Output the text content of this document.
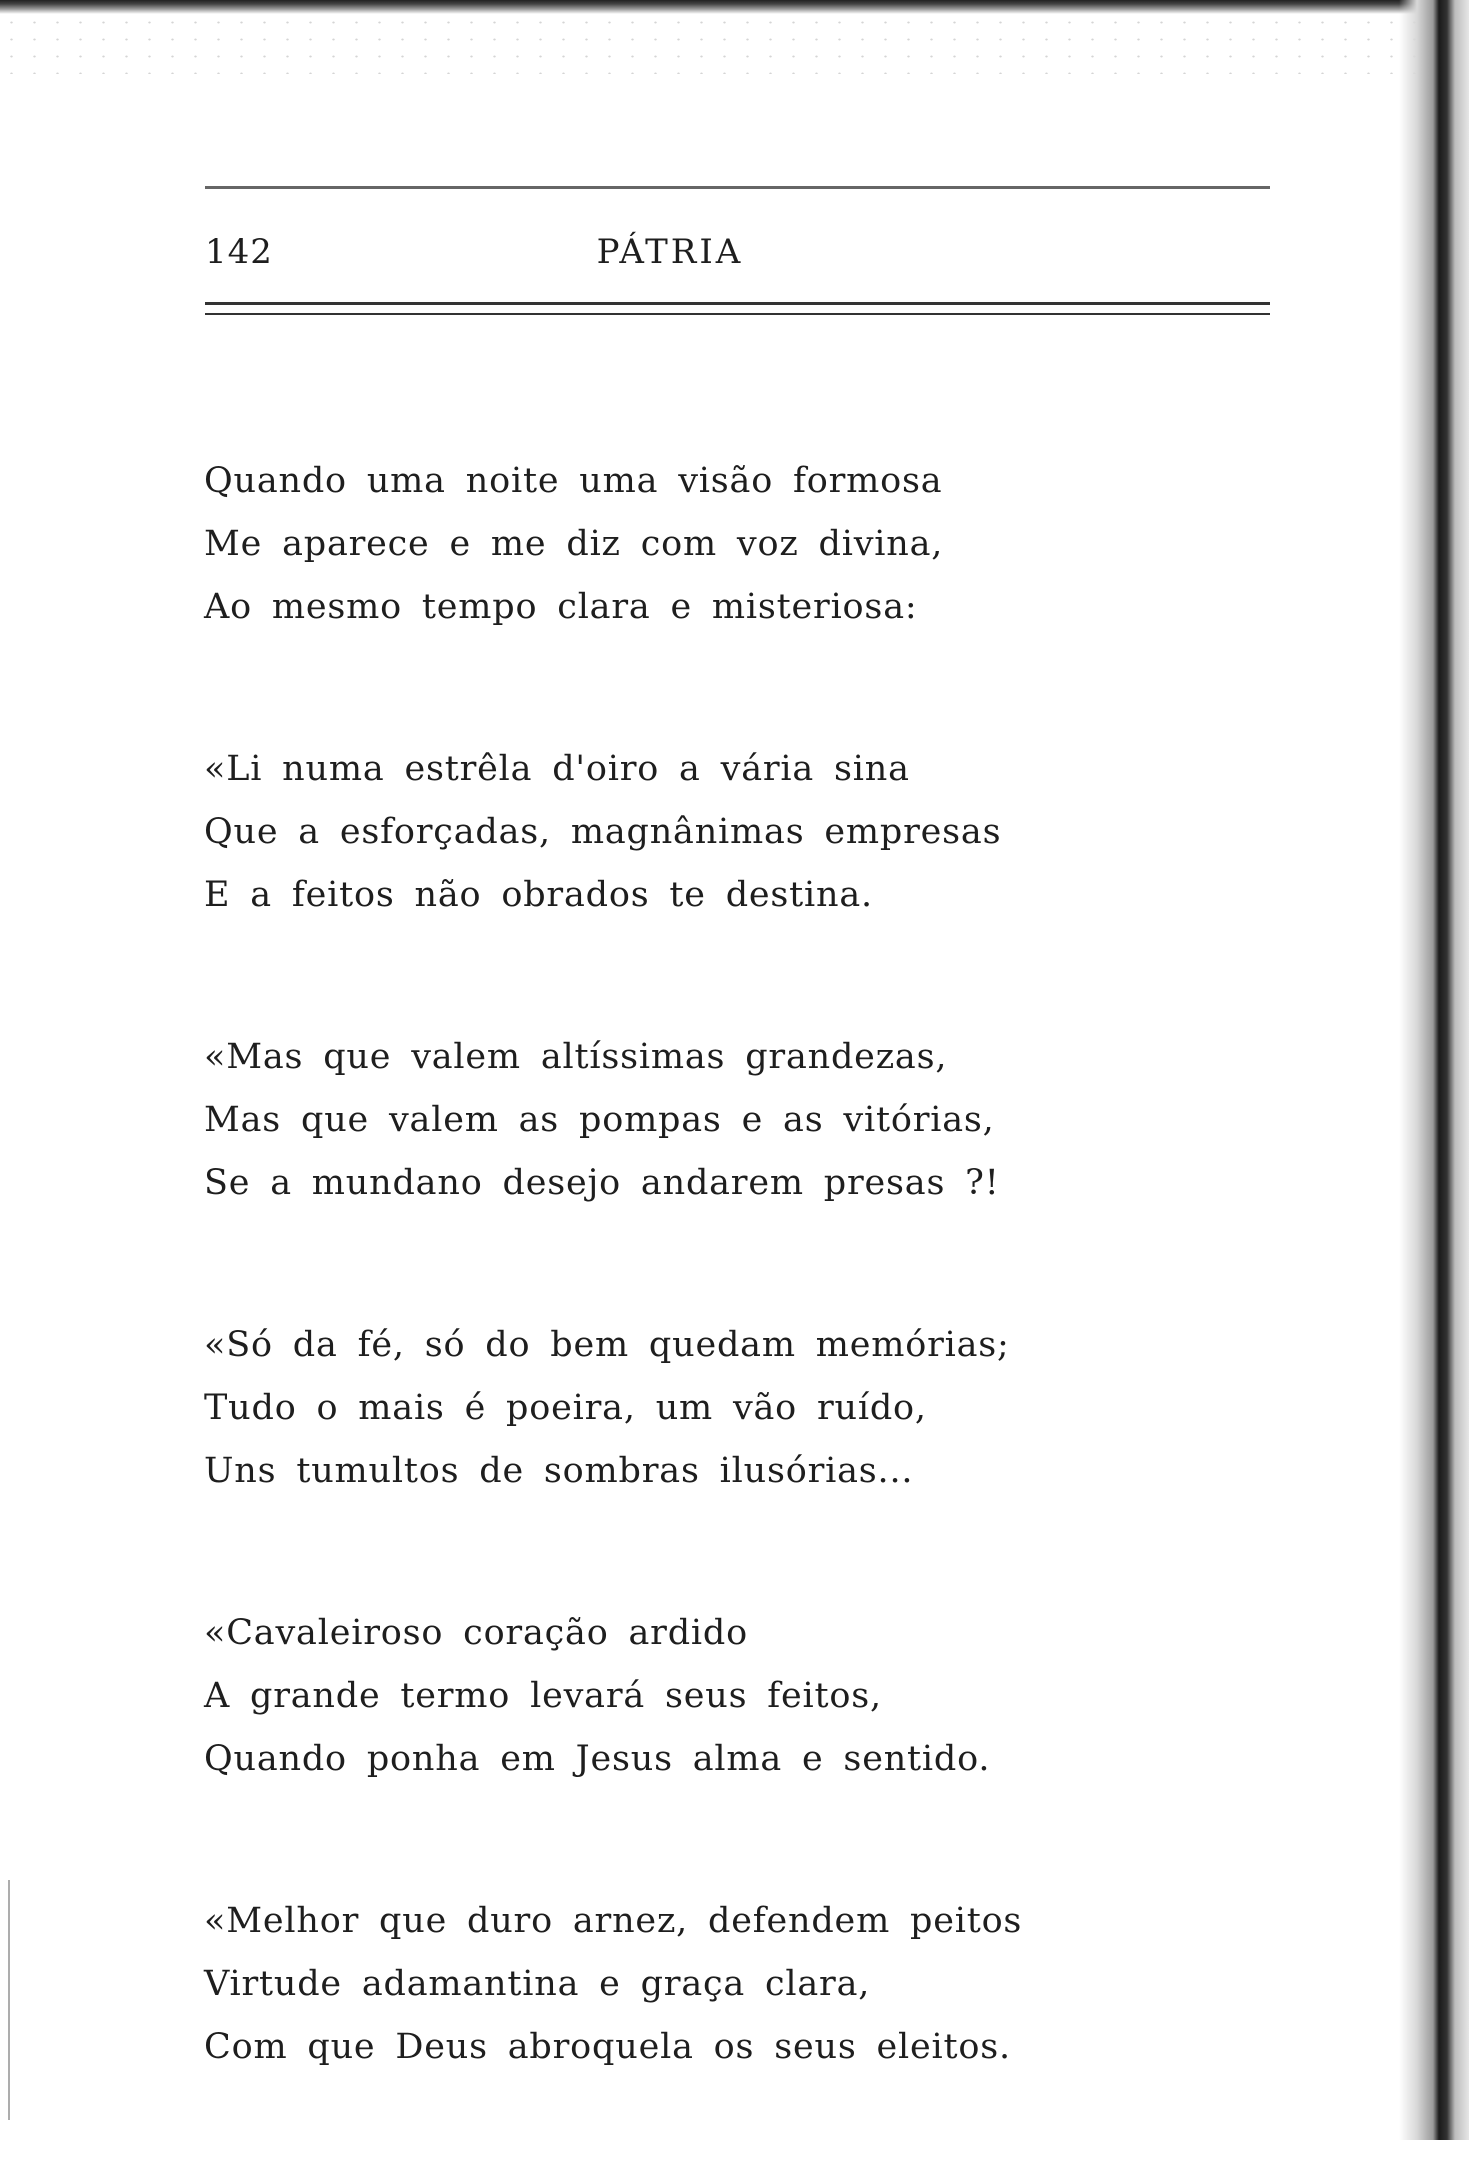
142	PÁTRIA
Quando uma noite uma visão formosa
Me aparece e me diz com voz divina,
Ao mesmo tempo clara e misteriosa:
«Li numa estrêla d'oiro a vária sina
Que a esforçadas, magnânimas empresas
E a feitos não obrados te destina.
«Mas que valem altíssimas grandezas,
Mas que valem as pompas e as vitórias,
Se a mundano desejo andarem presas ?!
«Só da fé, só do bem quedam memórias;
Tudo o mais é poeira, um vão ruído,
Uns tumultos de sombras ilusórias...
«Cavaleiroso coração ardido
A grande termo levará seus feitos,
Quando ponha em Jesus alma e sentido.
«Melhor que duro arnez, defendem peitos
Virtude adamantina e graça clara,
Com que Deus abroquela os seus eleitos.
